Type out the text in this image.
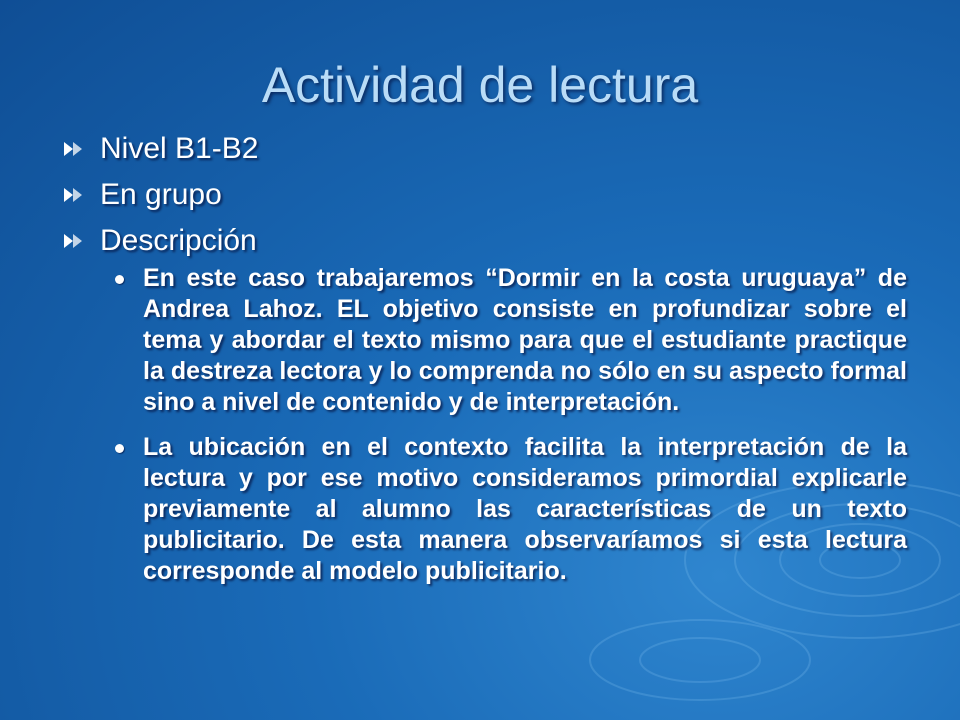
Actividad de lectura
Nivel B1-B2
En grupo
Descripción
En este caso trabajaremos “Dormir en la costa uruguaya” de Andrea Lahoz. EL objetivo consiste en profundizar sobre el tema y abordar el texto mismo para que el estudiante practique la destreza lectora y lo comprenda no sólo en su aspecto formal sino a nivel de contenido y de interpretación.
La ubicación en el contexto facilita la interpretación de la lectura y por ese motivo consideramos primordial explicarle previamente al alumno las características de un texto publicitario. De esta manera observaríamos si esta lectura corresponde al modelo publicitario.
